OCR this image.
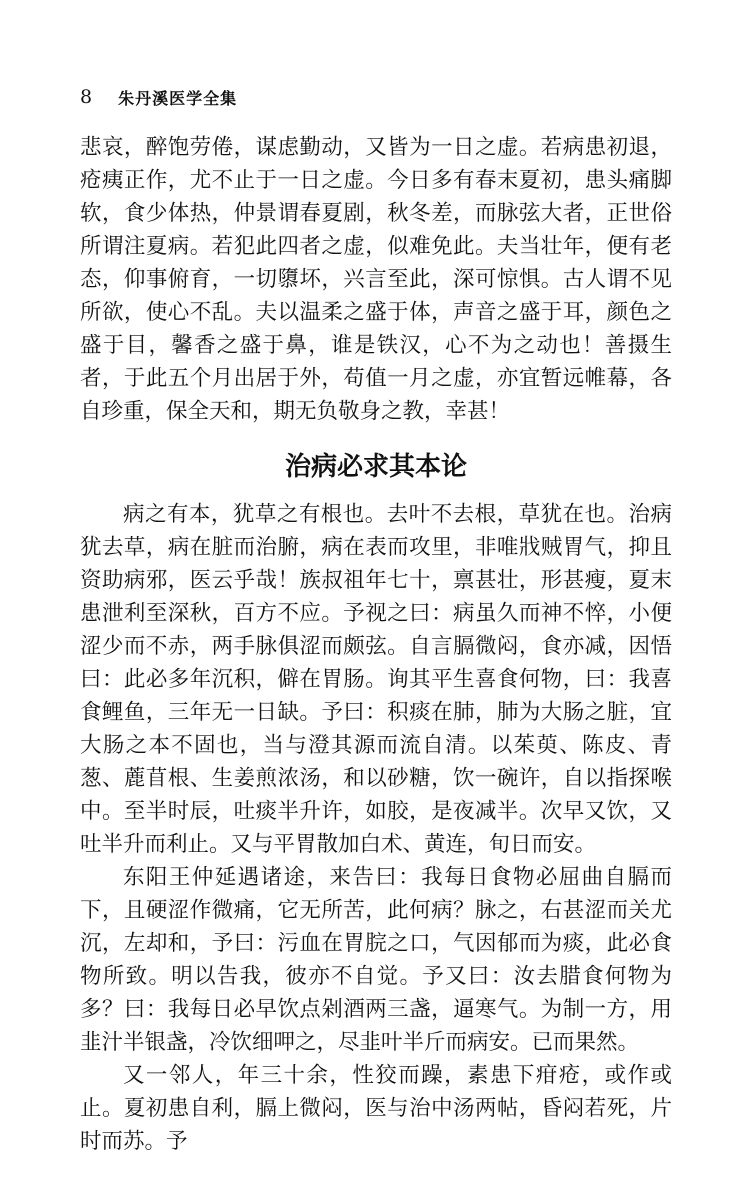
8 朱丹溪医学全集

悲哀，醉饱劳倦，谋虑勤动，又皆为一日之虚。若病患初退，疮痍正作，尤不止于一日之虚。今日多有春末夏初，患头痛脚软，食少体热，仲景谓春夏剧，秋冬差，而脉弦大者，正世俗所谓注夏病。若犯此四者之虚，似难免此。夫当壮年，便有老态，仰事俯育，一切隳坏，兴言至此，深可惊惧。古人谓不见所欲，使心不乱。夫以温柔之盛于体，声音之盛于耳，颜色之盛于目，馨香之盛于鼻，谁是铁汉，心不为之动也！善摄生者，于此五个月出居于外，苟值一月之虚，亦宜暂远帷幕，各自珍重，保全天和，期无负敬身之教，幸甚！

治病必求其本论

病之有本，犹草之有根也。去叶不去根，草犹在也。治病犹去草，病在脏而治腑，病在表而攻里，非唯戕贼胃气，抑且资助病邪，医云乎哉！族叔祖年七十，禀甚壮，形甚瘦，夏末患泄利至深秋，百方不应。予视之曰：病虽久而神不悴，小便涩少而不赤，两手脉俱涩而颇弦。自言膈微闷，食亦减，因悟曰：此必多年沉积，僻在胃肠。询其平生喜食何物，曰：我喜食鲤鱼，三年无一日缺。予曰：积痰在肺，肺为大肠之脏，宜大肠之本不固也，当与澄其源而流自清。以茱萸、陈皮、青葱、蔍苜根、生姜煎浓汤，和以砂糖，饮一碗许，自以指探喉中。至半时辰，吐痰半升许，如胶，是夜减半。次早又饮，又吐半升而利止。又与平胃散加白术、黄连，旬日而安。

东阳王仲延遇诸途，来告曰：我每日食物必屈曲自膈而下，且硬涩作微痛，它无所苦，此何病？脉之，右甚涩而关尤沉，左却和，予曰：污血在胃脘之口，气因郁而为痰，此必食物所致。明以告我，彼亦不自觉。予又曰：汝去腊食何物为多？曰：我每日必早饮点剁酒两三盏，逼寒气。为制一方，用韭汁半银盏，冷饮细呷之，尽韭叶半斤而病安。已而果然。

又一邻人，年三十余，性狡而躁，素患下疳疮，或作或止。夏初患自利，膈上微闷，医与治中汤两帖，昏闷若死，片时而苏。予
